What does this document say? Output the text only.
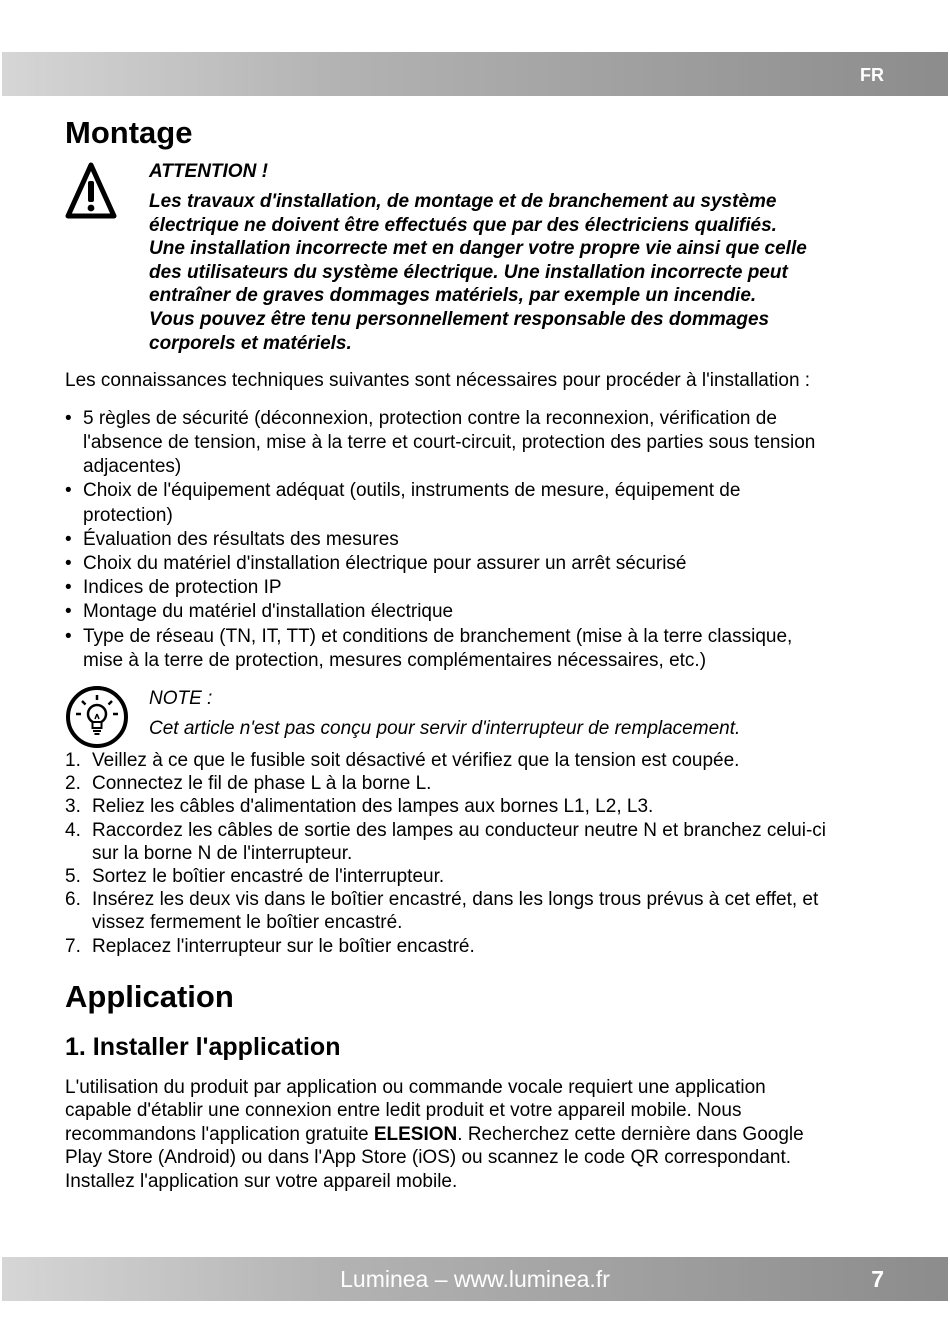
FR
Montage
ATTENTION !
Les travaux d'installation, de montage et de branchement au système
électrique ne doivent être effectués que par des électriciens qualifiés.
Une installation incorrecte met en danger votre propre vie ainsi que celle
des utilisateurs du système électrique. Une installation incorrecte peut
entraîner de graves dommages matériels, par exemple un incendie.
Vous pouvez être tenu personnellement responsable des dommages
corporels et matériels.

Les connaissances techniques suivantes sont nécessaires pour procéder à l'installation :

• 5 règles de sécurité (déconnexion, protection contre la reconnexion, vérification de
l'absence de tension, mise à la terre et court-circuit, protection des parties sous tension
adjacentes)
• Choix de l'équipement adéquat (outils, instruments de mesure, équipement de
protection)
• Évaluation des résultats des mesures
• Choix du matériel d'installation électrique pour assurer un arrêt sécurisé
• Indices de protection IP
• Montage du matériel d'installation électrique
• Type de réseau (TN, IT, TT) et conditions de branchement (mise à la terre classique,
mise à la terre de protection, mesures complémentaires nécessaires, etc.)
NOTE :
Cet article n'est pas conçu pour servir d'interrupteur de remplacement.
1. Veillez à ce que le fusible soit désactivé et vérifiez que la tension est coupée.
2. Connectez le fil de phase L à la borne L.
3. Reliez les câbles d'alimentation des lampes aux bornes L1, L2, L3.
4. Raccordez les câbles de sortie des lampes au conducteur neutre N et branchez celui-ci
sur la borne N de l'interrupteur.
5. Sortez le boîtier encastré de l'interrupteur.
6. Insérez les deux vis dans le boîtier encastré, dans les longs trous prévus à cet effet, et
vissez fermement le boîtier encastré.
7. Replacez l'interrupteur sur le boîtier encastré.
Application
1. Installer l'application
L'utilisation du produit par application ou commande vocale requiert une application
capable d'établir une connexion entre ledit produit et votre appareil mobile. Nous
recommandons l'application gratuite ELESION. Recherchez cette dernière dans Google
Play Store (Android) ou dans l'App Store (iOS) ou scannez le code QR correspondant.
Installez l'application sur votre appareil mobile.
Luminea – www.luminea.fr	7
